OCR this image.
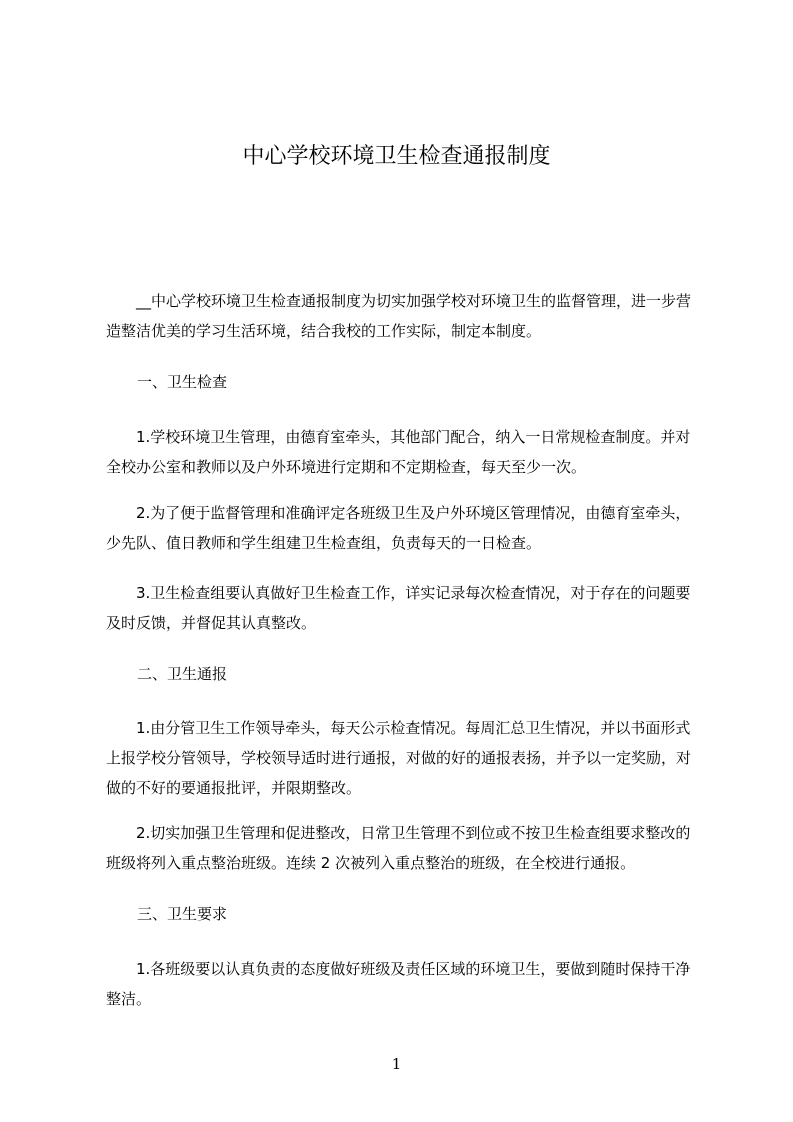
中心学校环境卫生检查通报制度

　　__中心学校环境卫生检查通报制度为切实加强学校对环境卫生的监督管理，进一步营造整洁优美的学习生活环境，结合我校的工作实际，制定本制度。

一、卫生检查

　　1.学校环境卫生管理，由德育室牵头，其他部门配合，纳入一日常规检查制度。并对全校办公室和教师以及户外环境进行定期和不定期检查，每天至少一次。

　　2.为了便于监督管理和准确评定各班级卫生及户外环境区管理情况，由德育室牵头，少先队、值日教师和学生组建卫生检查组，负责每天的一日检查。

　　3.卫生检查组要认真做好卫生检查工作，详实记录每次检查情况，对于存在的问题要及时反馈，并督促其认真整改。

二、卫生通报

　　1.由分管卫生工作领导牵头，每天公示检查情况。每周汇总卫生情况，并以书面形式上报学校分管领导，学校领导适时进行通报，对做的好的通报表扬，并予以一定奖励，对做的不好的要通报批评，并限期整改。

　　2.切实加强卫生管理和促进整改，日常卫生管理不到位或不按卫生检查组要求整改的班级将列入重点整治班级。连续 2 次被列入重点整治的班级，在全校进行通报。

三、卫生要求

　　1.各班级要以认真负责的态度做好班级及责任区域的环境卫生，要做到随时保持干净整洁。

1
